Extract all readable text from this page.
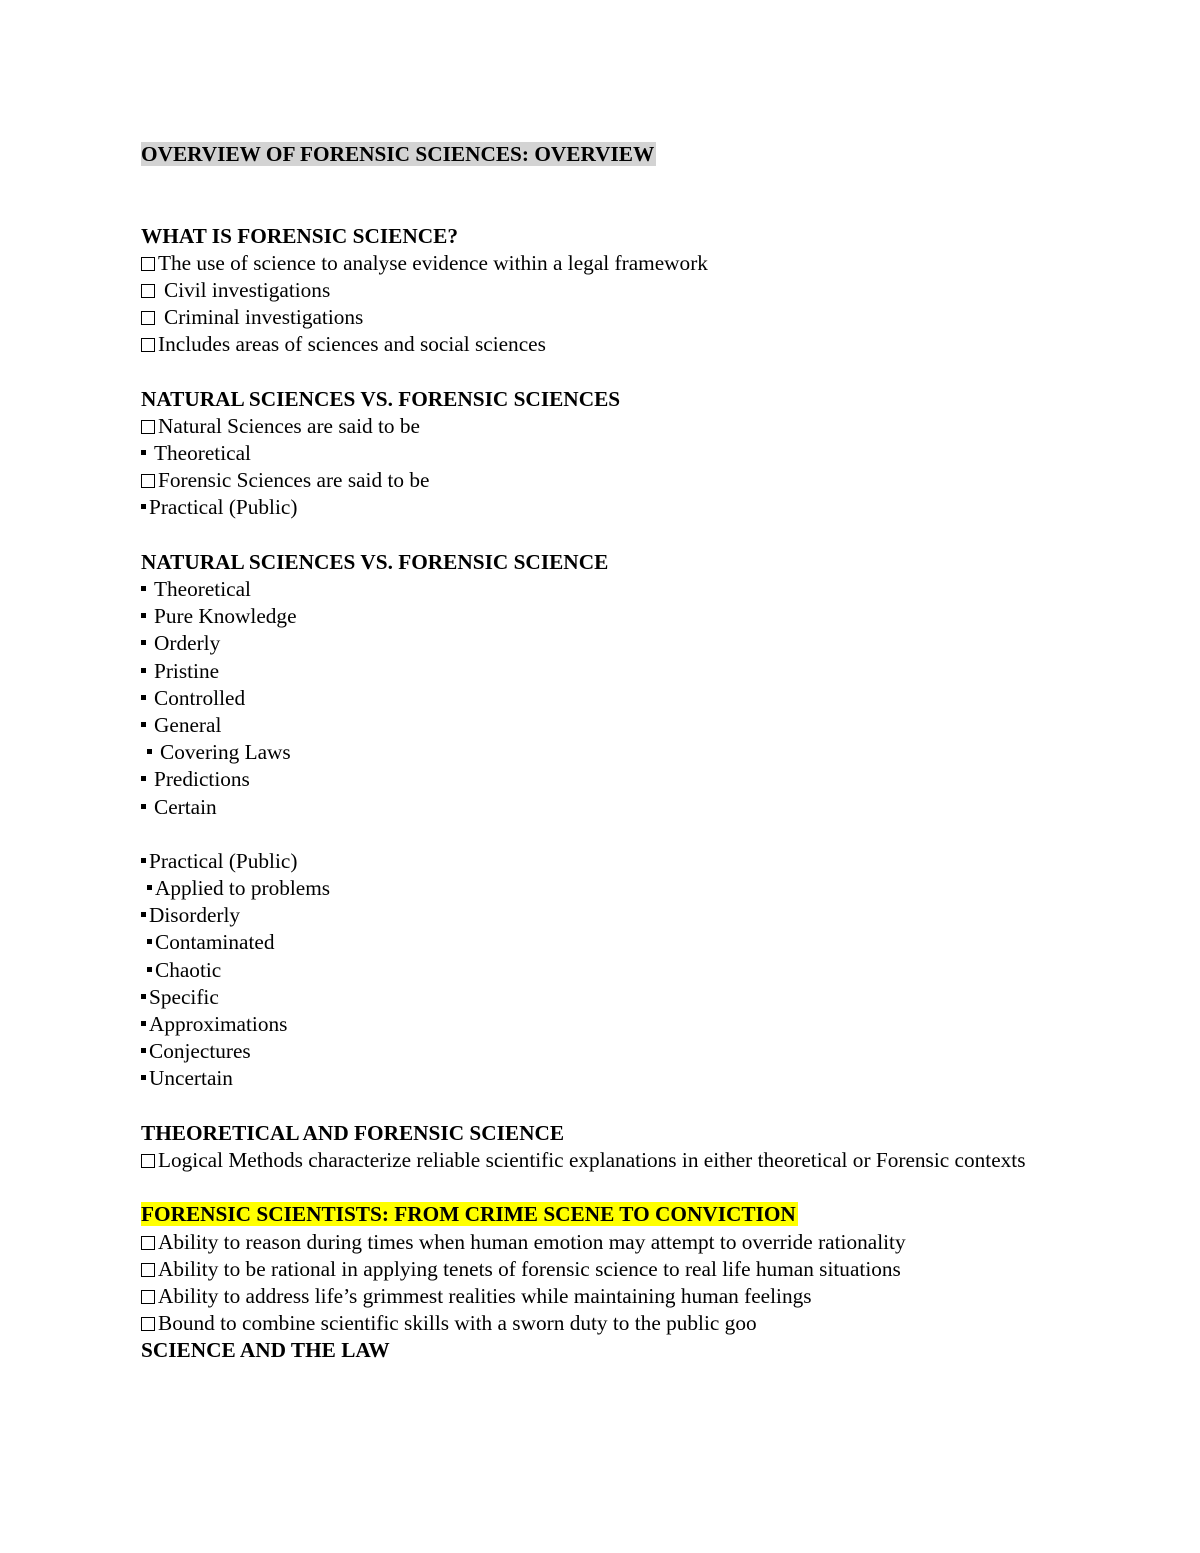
OVERVIEW OF FORENSIC SCIENCES: OVERVIEW
WHAT IS FORENSIC SCIENCE?
The use of science to analyse evidence within a legal framework
Civil investigations
Criminal investigations
Includes areas of sciences and social sciences
NATURAL SCIENCES VS. FORENSIC SCIENCES
Natural Sciences are said to be
Theoretical
Forensic Sciences are said to be
Practical (Public)
NATURAL SCIENCES VS. FORENSIC SCIENCE
Theoretical
Pure Knowledge
Orderly
Pristine
Controlled
General
Covering Laws
Predictions
Certain
Practical (Public)
Applied to problems
Disorderly
Contaminated
Chaotic
Specific
Approximations
Conjectures
Uncertain
THEORETICAL AND FORENSIC SCIENCE
Logical Methods characterize reliable scientific explanations in either theoretical or Forensic contexts
FORENSIC SCIENTISTS: FROM CRIME SCENE TO CONVICTION
Ability to reason during times when human emotion may attempt to override rationality
Ability to be rational in applying tenets of forensic science to real life human situations
Ability to address life’s grimmest realities while maintaining human feelings
Bound to combine scientific skills with a sworn duty to the public goo
SCIENCE AND THE LAW
